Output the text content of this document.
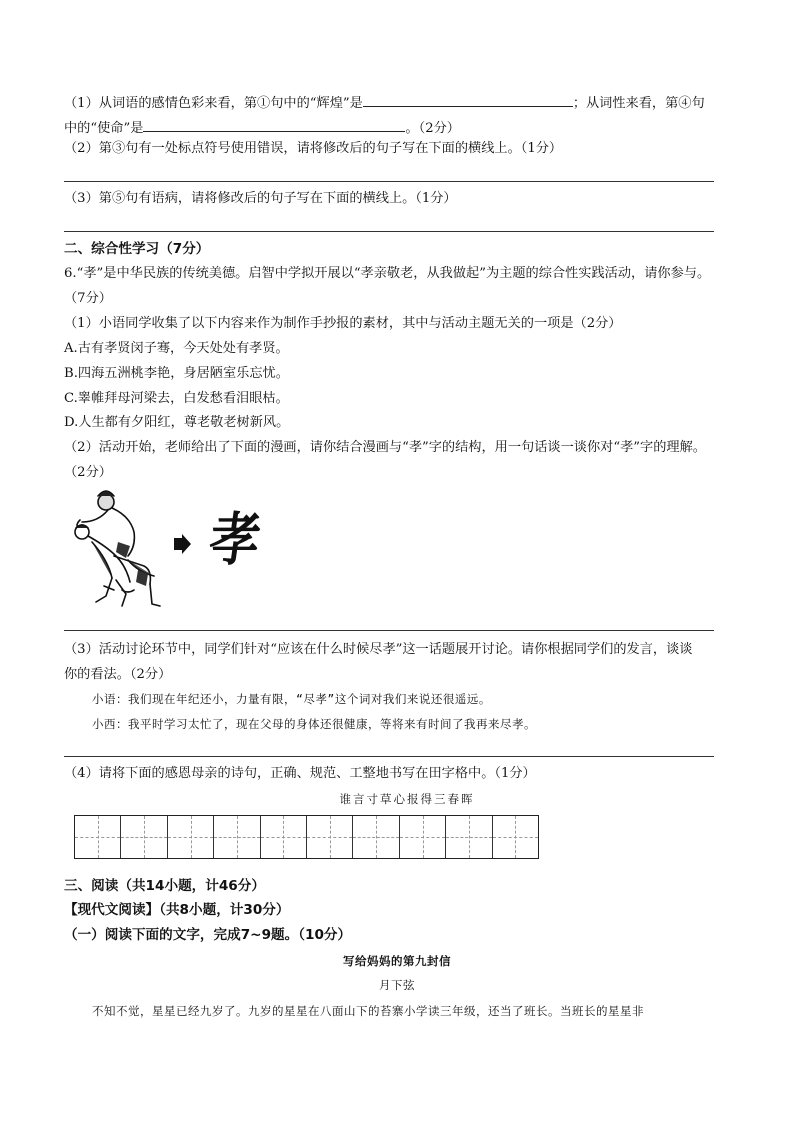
（1）从词语的感情色彩来看，第①句中的“辉煌”是	；从词性来看，第④句
中的“使命”是	。（2分）
（2）第③句有一处标点符号使用错误，请将修改后的句子写在下面的横线上。（1分）
（3）第⑤句有语病，请将修改后的句子写在下面的横线上。（1分）
二、综合性学习（7分）
6.“孝”是中华民族的传统美德。启智中学拟开展以“孝亲敬老，从我做起”为主题的综合性实践活动，请你参与。
（7分）
（1）小语同学收集了以下内容来作为制作手抄报的素材，其中与活动主题无关的一项是（2分）
A.古有孝贤闵子骞，今天处处有孝贤。
B.四海五洲桃李艳，身居陋室乐忘忧。
C.睾帷拜母河梁去，白发愁看泪眼枯。
D.人生都有夕阳红，尊老敬老树新风。
（2）活动开始，老师给出了下面的漫画，请你结合漫画与“孝”字的结构，用一句话谈一谈你对“孝”字的理解。
（2分）
孝
（3）活动讨论环节中，同学们针对“应该在什么时候尽孝”这一话题展开讨论。请你根据同学们的发言，谈谈
你的看法。（2分）
小语：我们现在年纪还小，力量有限，“尽孝”这个词对我们来说还很遥远。
小西：我平时学习太忙了，现在父母的身体还很健康，等将来有时间了我再来尽孝。
（4）请将下面的感恩母亲的诗句，正确、规范、工整地书写在田字格中。（1分）
谁言寸草心报得三春晖
三、阅读（共14小题，计46分）
【现代文阅读】（共8小题，计30分）
（一）阅读下面的文字，完成7~9题。（10分）
写给妈妈的第九封信
月下弦
不知不觉，星星已经九岁了。九岁的星星在八面山下的苔寨小学读三年级，还当了班长。当班长的星星非
